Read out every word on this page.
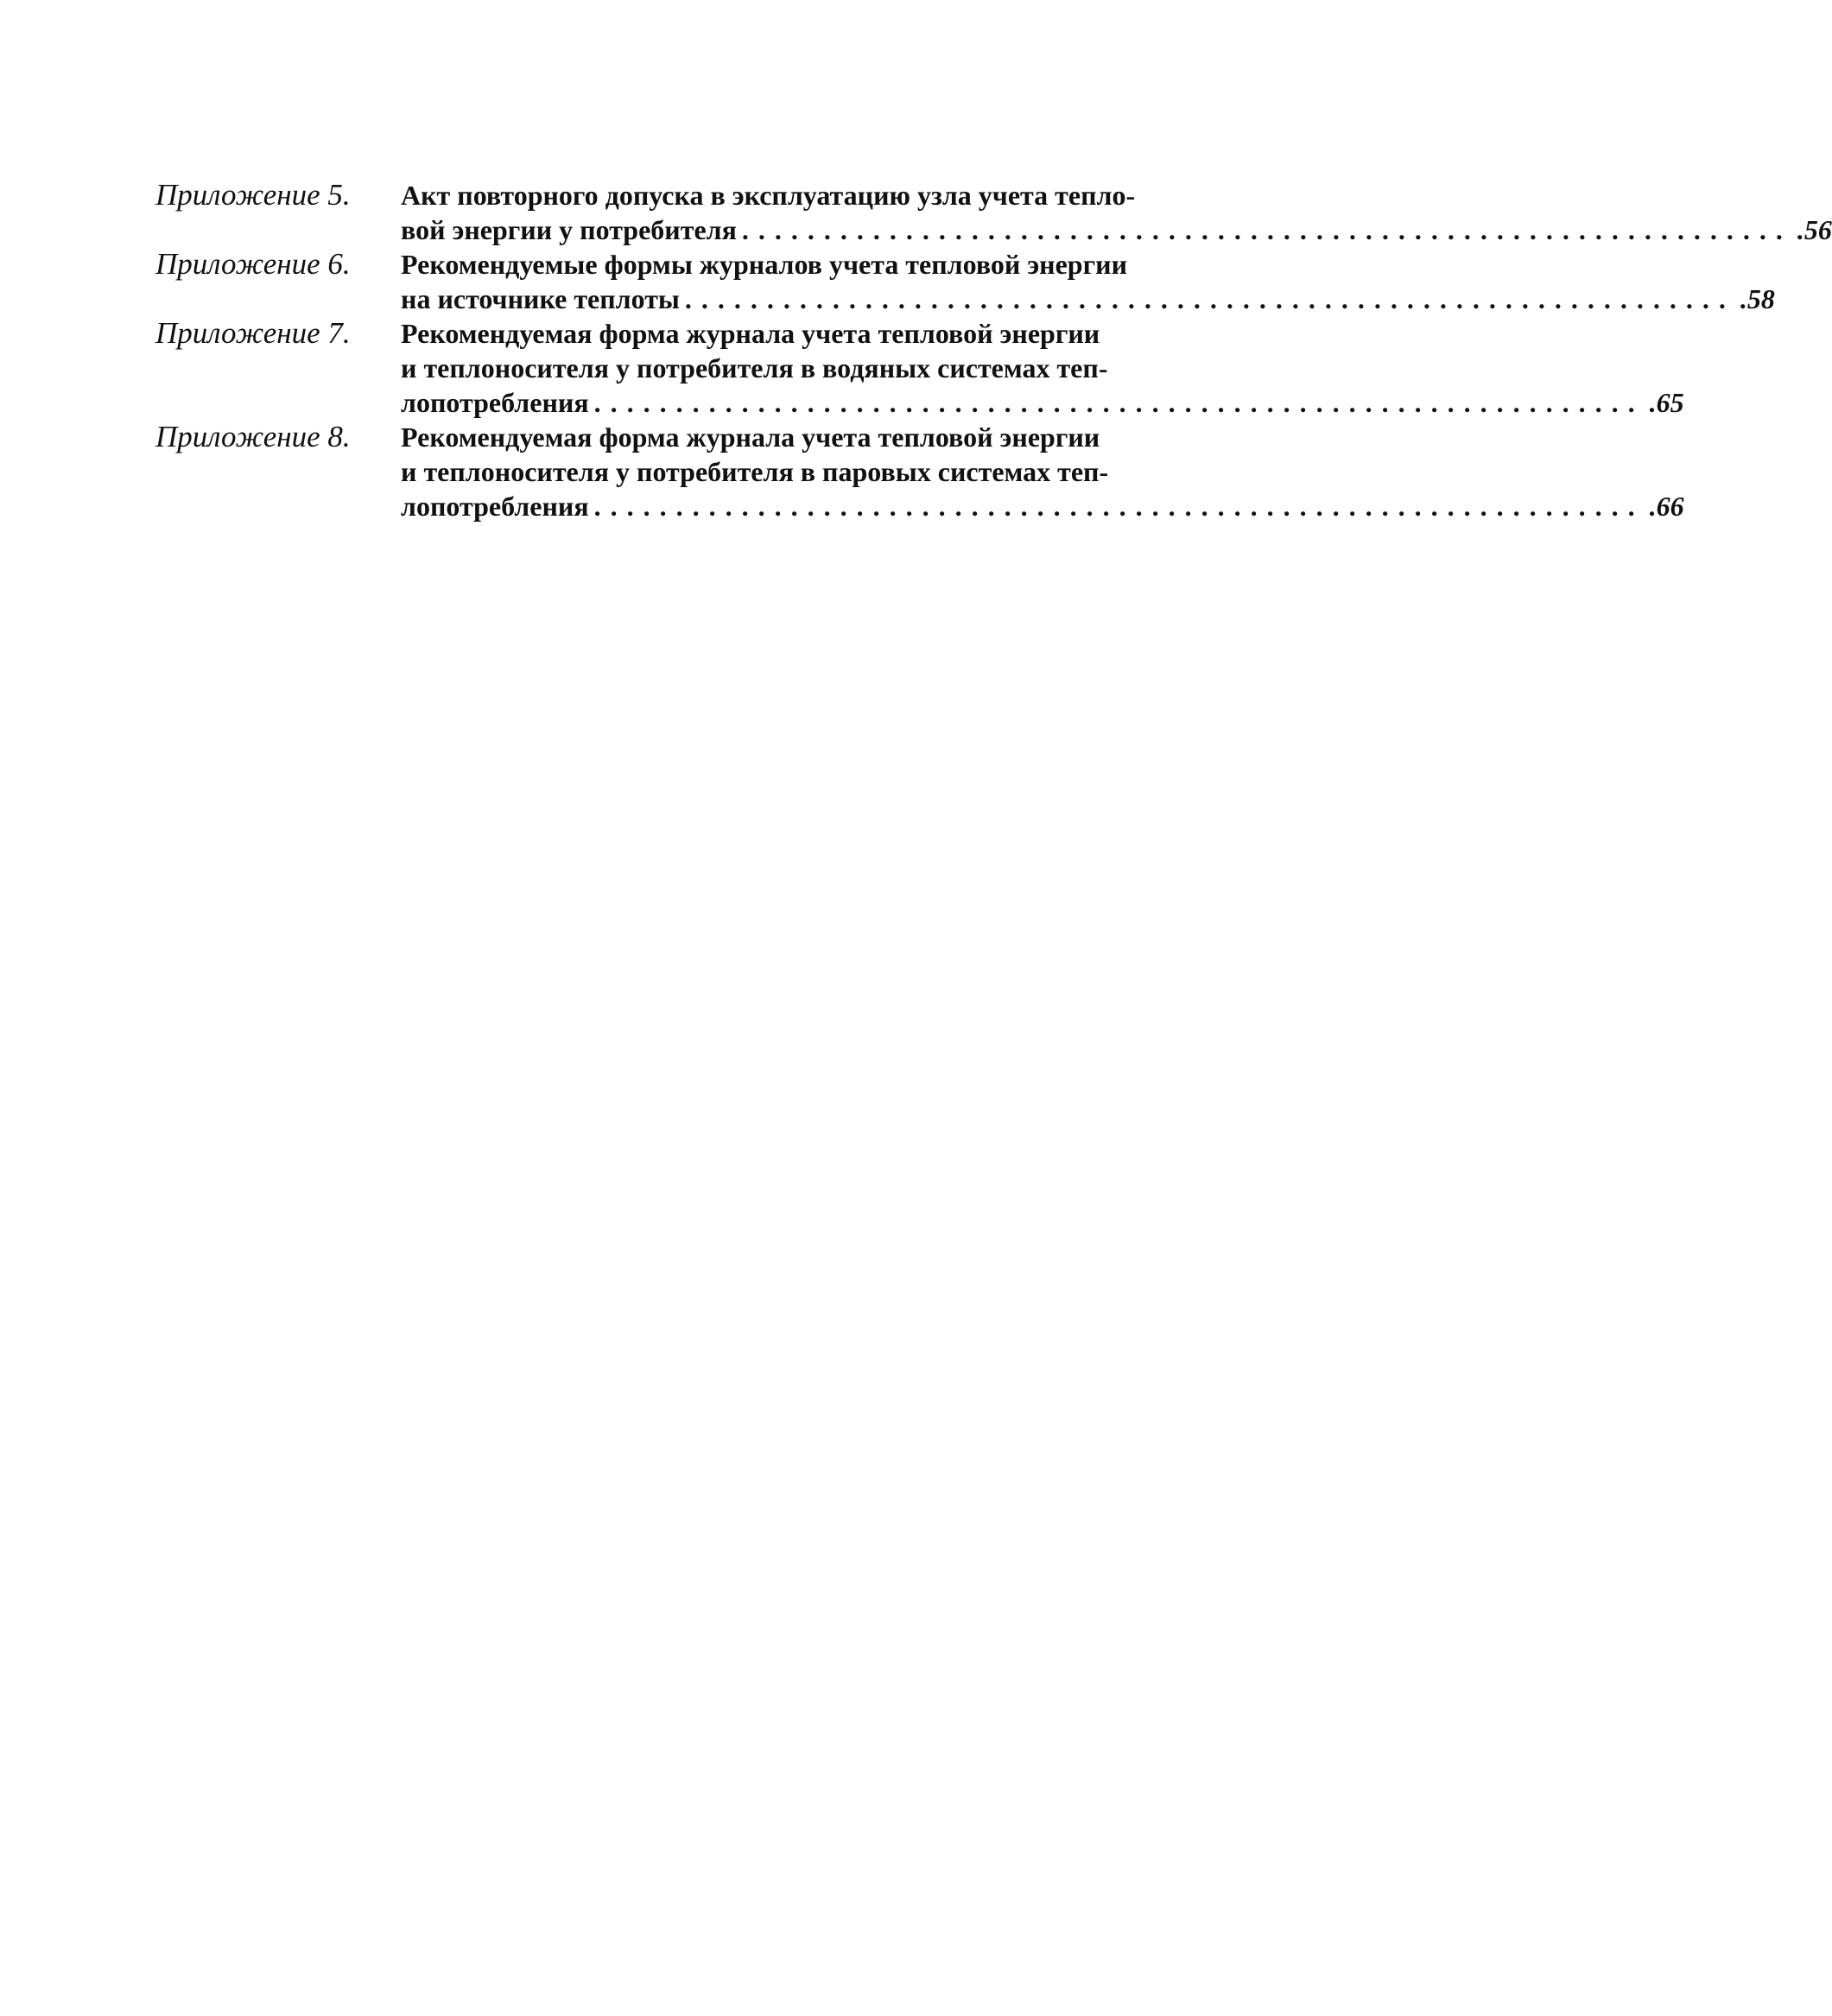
Приложение 5.	Акт повторного допуска в эксплуатацию узла учета тепло-
вой энергии у потребителя ................................................................ .56
Приложение 6.	Рекомендуемые формы журналов учета тепловой энергии
на источнике теплоты ................................................................ .58
Приложение 7.	Рекомендуемая форма журнала учета тепловой энергии
и теплоносителя у потребителя в водяных системах теп-
лопотребления ................................................................ .65
Приложение 8.	Рекомендуемая форма журнала учета тепловой энергии
и теплоносителя у потребителя в паровых системах теп-
лопотребления ................................................................ .66
